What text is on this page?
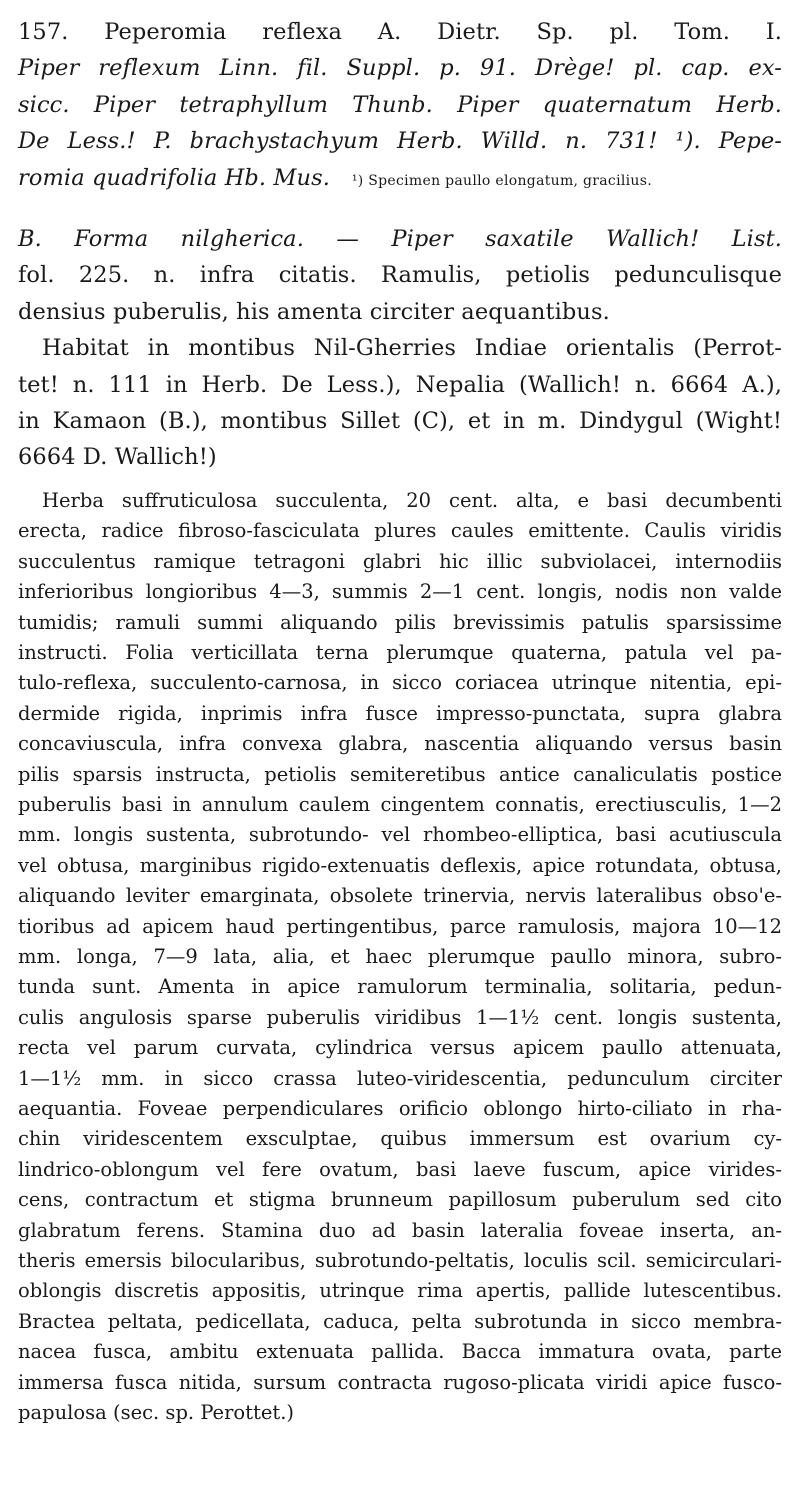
157. Peperomia reflexa A. Dietr. Sp. pl. Tom. I.
Piper reflexum Linn. fil. Suppl. p. 91. Drège! pl. cap. ex-
sicc. Piper tetraphyllum Thunb. Piper quaternatum Herb.
De Less.! P. brachystachyum Herb. Willd. n. 731! ¹). Pepe-
romia quadrifolia Hb. Mus. ¹) Specimen paullo elongatum, gracilius.
B. Forma nilgherica. — Piper saxatile Wallich! List.
fol. 225. n. infra citatis. Ramulis, petiolis pedunculisque
densius puberulis, his amenta circiter aequantibus.
Habitat in montibus Nil-Gherries Indiae orientalis (Perrot-
tet! n. 111 in Herb. De Less.), Nepalia (Wallich! n. 6664 A.),
in Kamaon (B.), montibus Sillet (C), et in m. Dindygul (Wight!
6664 D. Wallich!)
Herba suffruticulosa succulenta, 20 cent. alta, e basi decumbenti
erecta, radice fibroso-fasciculata plures caules emittente. Caulis viridis
succulentus ramique tetragoni glabri hic illic subviolacei, internodiis
inferioribus longioribus 4—3, summis 2—1 cent. longis, nodis non valde
tumidis; ramuli summi aliquando pilis brevissimis patulis sparsissime
instructi. Folia verticillata terna plerumque quaterna, patula vel pa-
tulo-reflexa, succulento-carnosa, in sicco coriacea utrinque nitentia, epi-
dermide rigida, inprimis infra fusce impresso-punctata, supra glabra
concaviuscula, infra convexa glabra, nascentia aliquando versus basin
pilis sparsis instructa, petiolis semiteretibus antice canaliculatis postice
puberulis basi in annulum caulem cingentem connatis, erectiusculis, 1—2
mm. longis sustenta, subrotundo- vel rhombeo-elliptica, basi acutiuscula
vel obtusa, marginibus rigido-extenuatis deflexis, apice rotundata, obtusa,
aliquando leviter emarginata, obsolete trinervia, nervis lateralibus obso'e-
tioribus ad apicem haud pertingentibus, parce ramulosis, majora 10—12
mm. longa, 7—9 lata, alia, et haec plerumque paullo minora, subro-
tunda sunt. Amenta in apice ramulorum terminalia, solitaria, pedun-
culis angulosis sparse puberulis viridibus 1—1½ cent. longis sustenta,
recta vel parum curvata, cylindrica versus apicem paullo attenuata,
1—1½ mm. in sicco crassa luteo-viridescentia, pedunculum circiter
aequantia. Foveae perpendiculares orificio oblongo hirto-ciliato in rha-
chin viridescentem exsculptae, quibus immersum est ovarium cy-
lindrico-oblongum vel fere ovatum, basi laeve fuscum, apice virides-
cens, contractum et stigma brunneum papillosum puberulum sed cito
glabratum ferens. Stamina duo ad basin lateralia foveae inserta, an-
theris emersis bilocularibus, subrotundo-peltatis, loculis scil. semicirculari-
oblongis discretis appositis, utrinque rima apertis, pallide lutescentibus.
Bractea peltata, pedicellata, caduca, pelta subrotunda in sicco membra-
nacea fusca, ambitu extenuata pallida. Bacca immatura ovata, parte
immersa fusca nitida, sursum contracta rugoso-plicata viridi apice fusco-
papulosa (sec. sp. Perottet.)
